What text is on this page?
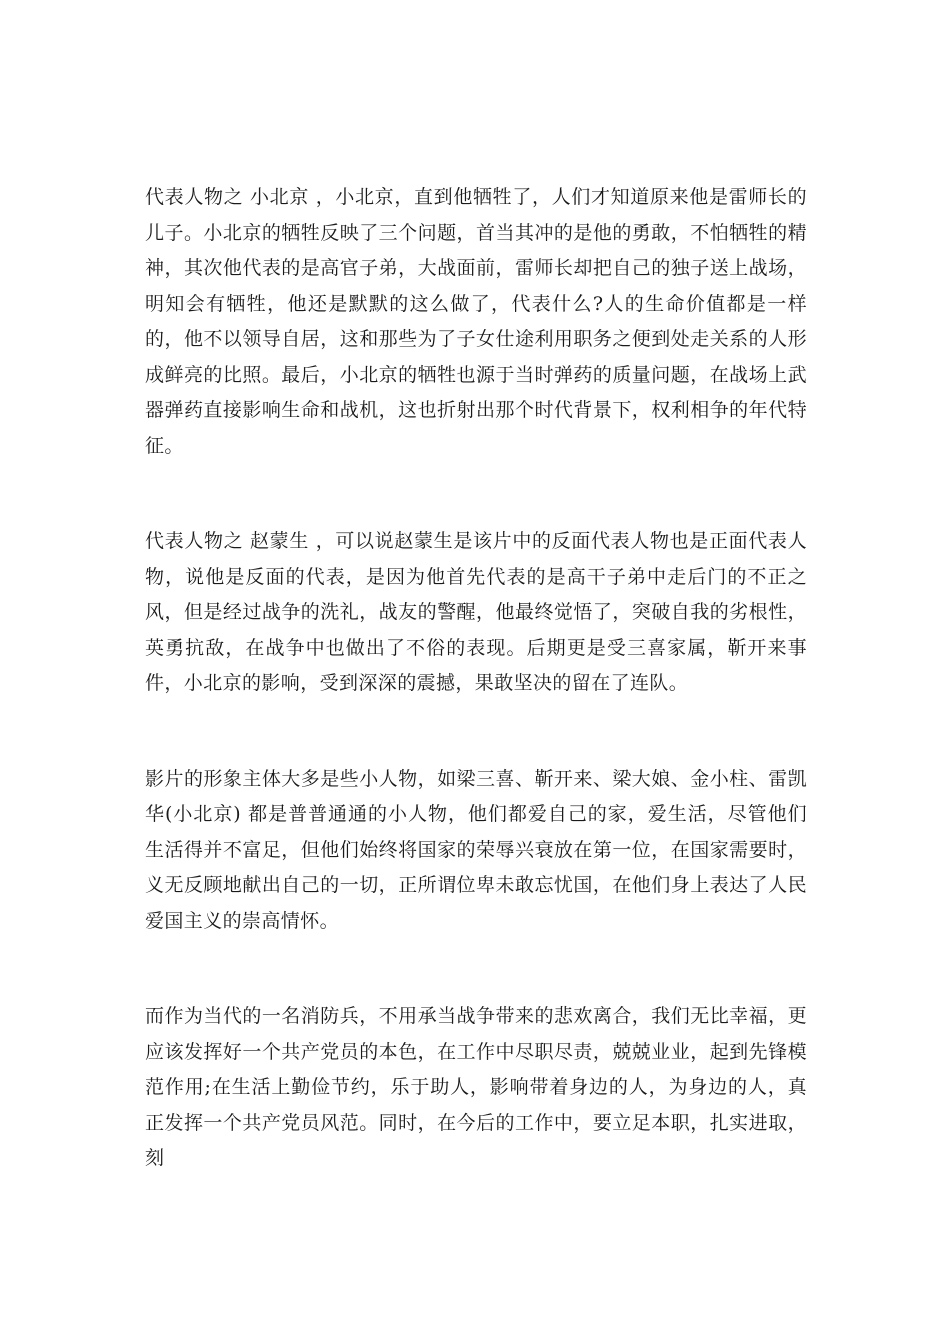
代表人物之 小北京 ，小北京，直到他牺牲了，人们才知道原来他是雷师长的儿子。小北京的牺牲反映了三个问题，首当其冲的是他的勇敢，不怕牺牲的精神，其次他代表的是高官子弟，大战面前，雷师长却把自己的独子送上战场，明知会有牺牲，他还是默默的这么做了，代表什么?人的生命价值都是一样的，他不以领导自居，这和那些为了子女仕途利用职务之便到处走关系的人形成鲜亮的比照。最后，小北京的牺牲也源于当时弹药的质量问题，在战场上武器弹药直接影响生命和战机，这也折射出那个时代背景下，权利相争的年代特征。

代表人物之 赵蒙生 ，可以说赵蒙生是该片中的反面代表人物也是正面代表人物，说他是反面的代表，是因为他首先代表的是高干子弟中走后门的不正之风，但是经过战争的洗礼，战友的警醒，他最终觉悟了，突破自我的劣根性，英勇抗敌，在战争中也做出了不俗的表现。后期更是受三喜家属，靳开来事件，小北京的影响，受到深深的震撼，果敢坚决的留在了连队。

影片的形象主体大多是些小人物，如梁三喜、靳开来、梁大娘、金小柱、雷凯华(小北京) 都是普普通通的小人物，他们都爱自己的家，爱生活，尽管他们生活得并不富足，但他们始终将国家的荣辱兴衰放在第一位，在国家需要时，义无反顾地献出自己的一切，正所谓位卑未敢忘忧国，在他们身上表达了人民爱国主义的崇高情怀。

而作为当代的一名消防兵，不用承当战争带来的悲欢离合，我们无比幸福，更应该发挥好一个共产党员的本色，在工作中尽职尽责，兢兢业业，起到先锋模范作用;在生活上勤俭节约，乐于助人，影响带着身边的人，为身边的人，真正发挥一个共产党员风范。同时，在今后的工作中，要立足本职，扎实进取，刻
